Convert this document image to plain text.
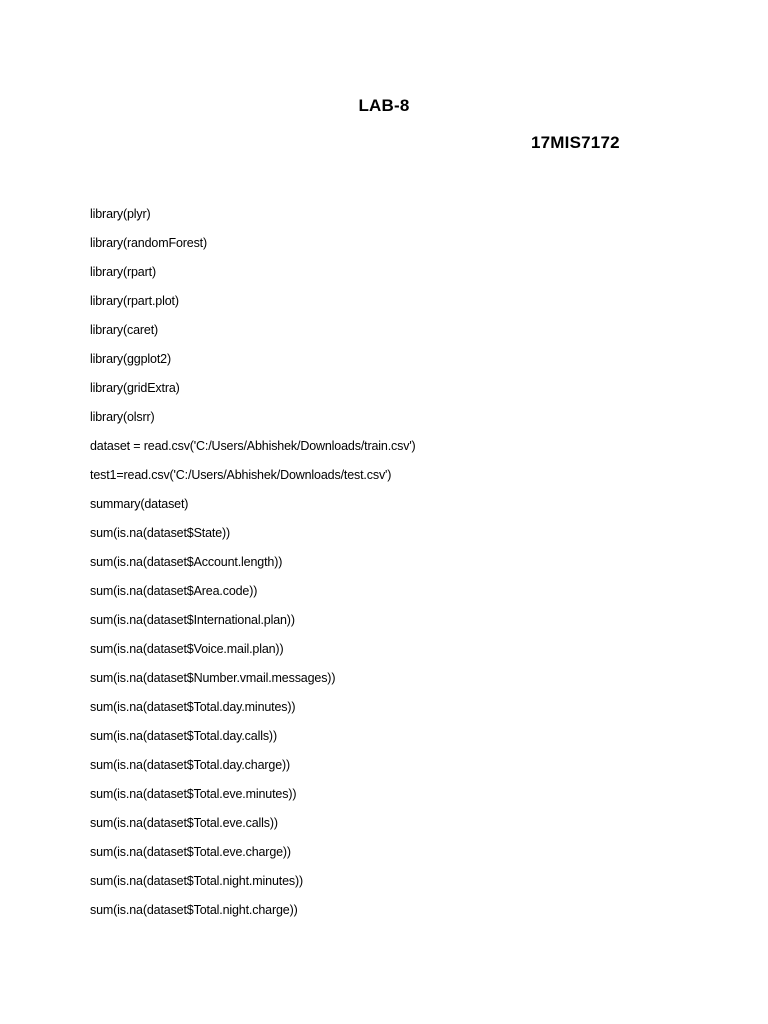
LAB-8
17MIS7172
library(plyr)
library(randomForest)
library(rpart)
library(rpart.plot)
library(caret)
library(ggplot2)
library(gridExtra)
library(olsrr)
dataset = read.csv('C:/Users/Abhishek/Downloads/train.csv')
test1=read.csv('C:/Users/Abhishek/Downloads/test.csv')
summary(dataset)
sum(is.na(dataset$State))
sum(is.na(dataset$Account.length))
sum(is.na(dataset$Area.code))
sum(is.na(dataset$International.plan))
sum(is.na(dataset$Voice.mail.plan))
sum(is.na(dataset$Number.vmail.messages))
sum(is.na(dataset$Total.day.minutes))
sum(is.na(dataset$Total.day.calls))
sum(is.na(dataset$Total.day.charge))
sum(is.na(dataset$Total.eve.minutes))
sum(is.na(dataset$Total.eve.calls))
sum(is.na(dataset$Total.eve.charge))
sum(is.na(dataset$Total.night.minutes))
sum(is.na(dataset$Total.night.charge))
